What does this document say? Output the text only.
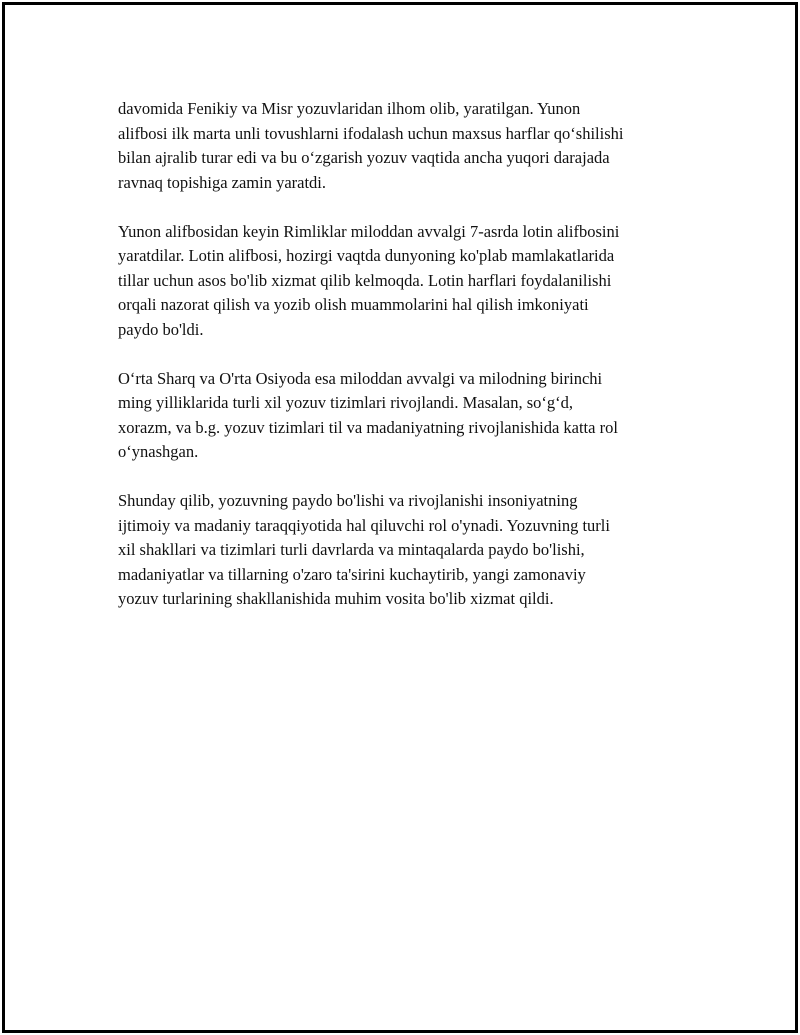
davomida Fenikiy va Misr yozuvlaridan ilhom olib, yaratilgan. Yunon
alifbosi ilk marta unli tovushlarni ifodalash uchun maxsus harflar qo‘shilishi
bilan ajralib turar edi va bu o‘zgarish yozuv vaqtida ancha yuqori darajada
ravnaq topishiga zamin yaratdi.

Yunon alifbosidan keyin Rimliklar miloddan avvalgi 7-asrda lotin alifbosini
yaratdilar. Lotin alifbosi, hozirgi vaqtda dunyoning ko'plab mamlakatlarida
tillar uchun asos bo'lib xizmat qilib kelmoqda. Lotin harflari foydalanilishi
orqali nazorat qilish va yozib olish muammolarini hal qilish imkoniyati
paydo bo'ldi.

O‘rta Sharq va O'rta Osiyoda esa miloddan avvalgi va milodning birinchi
ming yilliklarida turli xil yozuv tizimlari rivojlandi. Masalan, so‘g‘d,
xorazm, va b.g. yozuv tizimlari til va madaniyatning rivojlanishida katta rol
o‘ynashgan.

Shunday qilib, yozuvning paydo bo'lishi va rivojlanishi insoniyatning
ijtimoiy va madaniy taraqqiyotida hal qiluvchi rol o'ynadi. Yozuvning turli
xil shakllari va tizimlari turli davrlarda va mintaqalarda paydo bo'lishi,
madaniyatlar va tillarning o'zaro ta'sirini kuchaytirib, yangi zamonaviy
yozuv turlarining shakllanishida muhim vosita bo'lib xizmat qildi.
